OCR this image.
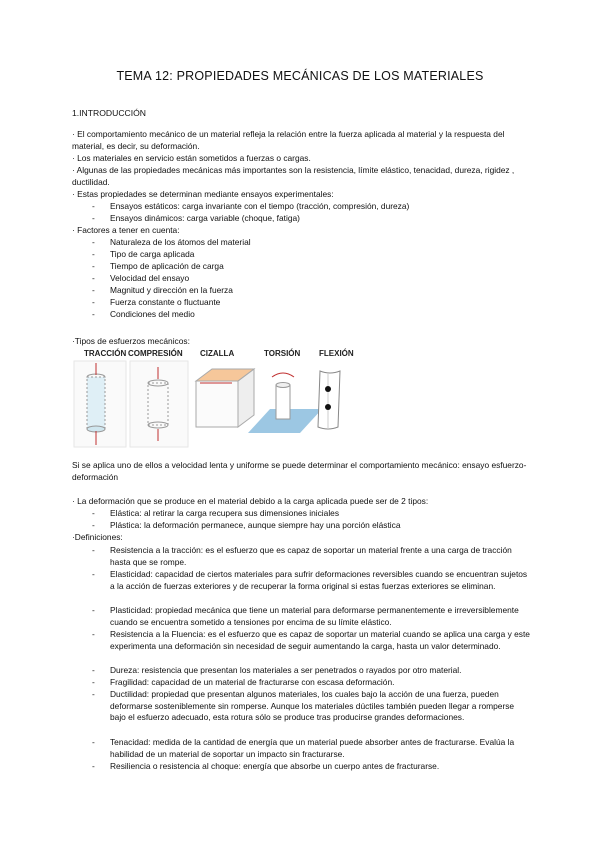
TEMA 12: PROPIEDADES MECÁNICAS DE LOS MATERIALES
1.INTRODUCCIÓN
· El comportamiento mecánico de un material refleja la relación entre la fuerza aplicada al material y la respuesta del material, es decir, su deformación.
· Los materiales en servicio están sometidos a fuerzas o cargas.
· Algunas de las propiedades mecánicas más importantes son la resistencia, límite elástico, tenacidad, dureza, rigidez , ductilidad.
· Estas propiedades se determinan mediante ensayos experimentales:
- Ensayos estáticos: carga invariante con el tiempo (tracción, compresión, dureza)
- Ensayos dinámicos: carga variable (choque, fatiga)
· Factores a tener en cuenta:
- Naturaleza de los átomos del material
- Tipo de carga aplicada
- Tiempo de aplicación de carga
- Velocidad del ensayo
- Magnitud y dirección en la fuerza
- Fuerza constante o fluctuante
- Condiciones del medio
·Tipos de esfuerzos mecánicos:
TRACCIÓN COMPRESIÓN CIZALLA	TORSIÓN FLEXIÓN
Si se aplica uno de ellos a velocidad lenta y uniforme se puede determinar el comportamiento mecánico: ensayo esfuerzo-deformación
· La deformación que se produce en el material debido a la carga aplicada puede ser de 2 tipos:
- Elástica: al retirar la carga recupera sus dimensiones iniciales
- Plástica: la deformación permanece, aunque siempre hay una porción elástica
·Definiciones:
- Resistencia a la tracción: es el esfuerzo que es capaz de soportar un material frente a una carga de tracción hasta que se rompe.
- Elasticidad: capacidad de ciertos materiales para sufrir deformaciones reversibles cuando se encuentran sujetos a la acción de fuerzas exteriores y de recuperar la forma original si estas fuerzas exteriores se eliminan.
- Plasticidad: propiedad mecánica que tiene un material para deformarse permanentemente e irreversiblemente cuando se encuentra sometido a tensiones por encima de su límite elástico.
- Resistencia a la Fluencia: es el esfuerzo que es capaz de soportar un material cuando se aplica una carga y este experimenta una deformación sin necesidad de seguir aumentando la carga, hasta un valor determinado.
- Dureza: resistencia que presentan los materiales a ser penetrados o rayados por otro material.
- Fragilidad: capacidad de un material de fracturarse con escasa deformación.
- Ductilidad: propiedad que presentan algunos materiales, los cuales bajo la acción de una fuerza, pueden deformarse sosteniblemente sin romperse. Aunque los materiales dúctiles también pueden llegar a romperse bajo el esfuerzo adecuado, esta rotura sólo se produce tras producirse grandes deformaciones.
- Tenacidad: medida de la cantidad de energía que un material puede absorber antes de fracturarse. Evalúa la habilidad de un material de soportar un impacto sin fracturarse.
- Resiliencia o resistencia al choque: energía que absorbe un cuerpo antes de fracturarse.
